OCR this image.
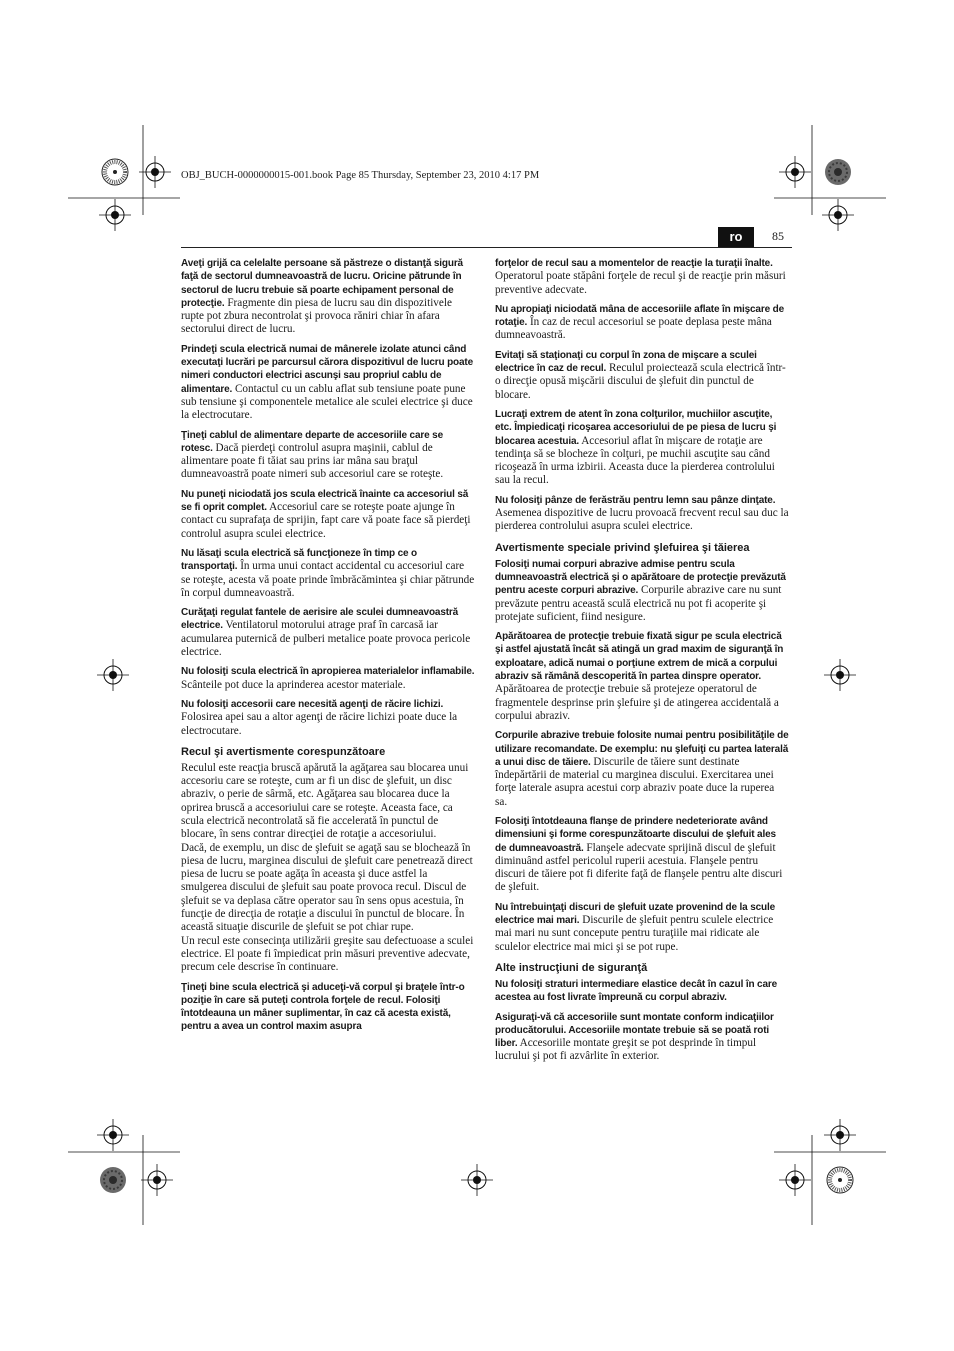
OBJ_BUCH-0000000015-001.book Page 85 Thursday, September 23, 2010 4:17 PM
ro	85

Aveţi grijă ca celelalte persoane să păstreze o distanţă sigură faţă de sectorul dumneavoastră de lucru. Oricine pătrunde în sectorul de lucru trebuie să poarte echipament personal de protecţie. Fragmente din piesa de lucru sau din dispozitivele rupte pot zbura necontrolat şi provoca răniri chiar în afara sectorului direct de lucru.

Prindeţi scula electrică numai de mânerele izolate atunci când executaţi lucrări pe parcursul cărora dispozitivul de lucru poate nimeri conductori electrici ascunşi sau propriul cablu de alimentare. Contactul cu un cablu aflat sub tensiune poate pune sub tensiune şi componentele metalice ale sculei electrice şi duce la electrocutare.

Ţineţi cablul de alimentare departe de accesoriile care se rotesc. Dacă pierdeţi controlul asupra maşinii, cablul de alimentare poate fi tăiat sau prins iar mâna sau braţul dumneavoastră poate nimeri sub accesoriul care se roteşte.

Nu puneţi niciodată jos scula electrică înainte ca accesoriul să se fi oprit complet. Accesoriul care se roteşte poate ajunge în contact cu suprafaţa de sprijin, fapt care vă poate face să pierdeţi controlul asupra sculei electrice.

Nu lăsaţi scula electrică să funcţioneze în timp ce o transportaţi. În urma unui contact accidental cu accesoriul care se roteşte, acesta vă poate prinde îmbrăcămintea şi chiar pătrunde în corpul dumneavoastră.

Curăţaţi regulat fantele de aerisire ale sculei dumneavoastră electrice. Ventilatorul motorului atrage praf în carcasă iar acumularea puternică de pulberi metalice poate provoca pericole electrice.

Nu folosiţi scula electrică în apropierea materialelor inflamabile. Scânteile pot duce la aprinderea acestor materiale.

Nu folosiţi accesorii care necesită agenţi de răcire lichizi. Folosirea apei sau a altor agenţi de răcire lichizi poate duce la electrocutare.

Recul şi avertismente corespunzătoare

Reculul este reacţia bruscă apărută la agăţarea sau blocarea unui accesoriu care se roteşte, cum ar fi un disc de şlefuit, un disc abraziv, o perie de sârmă, etc. Agăţarea sau blocarea duce la oprirea bruscă a accesoriului care se roteşte. Aceasta face, ca scula electrică necontrolată să fie accelerată în punctul de blocare, în sens contrar direcţiei de rotaţie a accesoriului.

Dacă, de exemplu, un disc de şlefuit se agaţă sau se blochează în piesa de lucru, marginea discului de şlefuit care penetrează direct piesa de lucru se poate agăţa în aceasta şi duce astfel la smulgerea discului de şlefuit sau poate provoca recul. Discul de şlefuit se va deplasa către operator sau în sens opus acestuia, în funcţie de direcţia de rotaţie a discului în punctul de blocare. În această situaţie discurile de şlefuit se pot chiar rupe.

Un recul este consecinţa utilizării greşite sau defectuoase a sculei electrice. El poate fi împiedicat prin măsuri preventive adecvate, precum cele descrise în continuare.

Ţineţi bine scula electrică şi aduceţi-vă corpul şi braţele într-o poziţie în care să puteţi controla forţele de recul. Folosiţi întotdeauna un mâner suplimentar, în caz că acesta există, pentru a avea un control maxim asupra

forţelor de recul sau a momentelor de reacţie la turaţii înalte. Operatorul poate stăpâni forţele de recul şi de reacţie prin măsuri preventive adecvate.

Nu apropiaţi niciodată mâna de accesoriile aflate în mişcare de rotaţie. În caz de recul accesoriul se poate deplasa peste mâna dumneavoastră.

Evitaţi să staţionaţi cu corpul în zona de mişcare a sculei electrice în caz de recul. Reculul proiectează scula electrică într-o direcţie opusă mişcării discului de şlefuit din punctul de blocare.

Lucraţi extrem de atent în zona colţurilor, muchiilor ascuţite, etc. Împiedicaţi ricoşarea accesoriului de pe piesa de lucru şi blocarea acestuia. Accesoriul aflat în mişcare de rotaţie are tendinţa să se blocheze în colţuri, pe muchii ascuţite sau când ricoşează în urma izbirii. Aceasta duce la pierderea controlului sau la recul.

Nu folosiţi pânze de ferăstrău pentru lemn sau pânze dinţate. Asemenea dispozitive de lucru provoacă frecvent recul sau duc la pierderea controlului asupra sculei electrice.

Avertismente speciale privind şlefuirea şi tăierea

Folosiţi numai corpuri abrazive admise pentru scula dumneavoastră electrică şi o apărătoare de protecţie prevăzută pentru aceste corpuri abrazive. Corpurile abrazive care nu sunt prevăzute pentru această sculă electrică nu pot fi acoperite şi protejate suficient, fiind nesigure.

Apărătoarea de protecţie trebuie fixată sigur pe scula electrică şi astfel ajustată încât să atingă un grad maxim de siguranţă în exploatare, adică numai o porţiune extrem de mică a corpului abraziv să rămână descoperită în partea dinspre operator. Apărătoarea de protecţie trebuie să protejeze operatorul de fragmentele desprinse prin şlefuire şi de atingerea accidentală a corpului abraziv.

Corpurile abrazive trebuie folosite numai pentru posibilităţile de utilizare recomandate. De exemplu: nu şlefuiţi cu partea laterală a unui disc de tăiere. Discurile de tăiere sunt destinate îndepărtării de material cu marginea discului. Exercitarea unei forţe laterale asupra acestui corp abraziv poate duce la ruperea sa.

Folosiţi întotdeauna flanşe de prindere nedeteriorate având dimensiuni şi forme corespunzătoarte discului de şlefuit ales de dumneavoastră. Flanşele adecvate sprijină discul de şlefuit diminuând astfel pericolul ruperii acestuia. Flanşele pentru discuri de tăiere pot fi diferite faţă de flanşele pentru alte discuri de şlefuit.

Nu întrebuinţaţi discuri de şlefuit uzate provenind de la scule electrice mai mari. Discurile de şlefuit pentru sculele electrice mai mari nu sunt concepute pentru turaţiile mai ridicate ale sculelor electrice mai mici şi se pot rupe.

Alte instrucţiuni de siguranţă

Nu folosiţi straturi intermediare elastice decât în cazul în care acestea au fost livrate împreună cu corpul abraziv.

Asiguraţi-vă că accesoriile sunt montate conform indicaţiilor producătorului. Accesoriile montate trebuie să se poată roti liber. Accesoriile montate greşit se pot desprinde în timpul lucrului şi pot fi azvârlite în exterior.
